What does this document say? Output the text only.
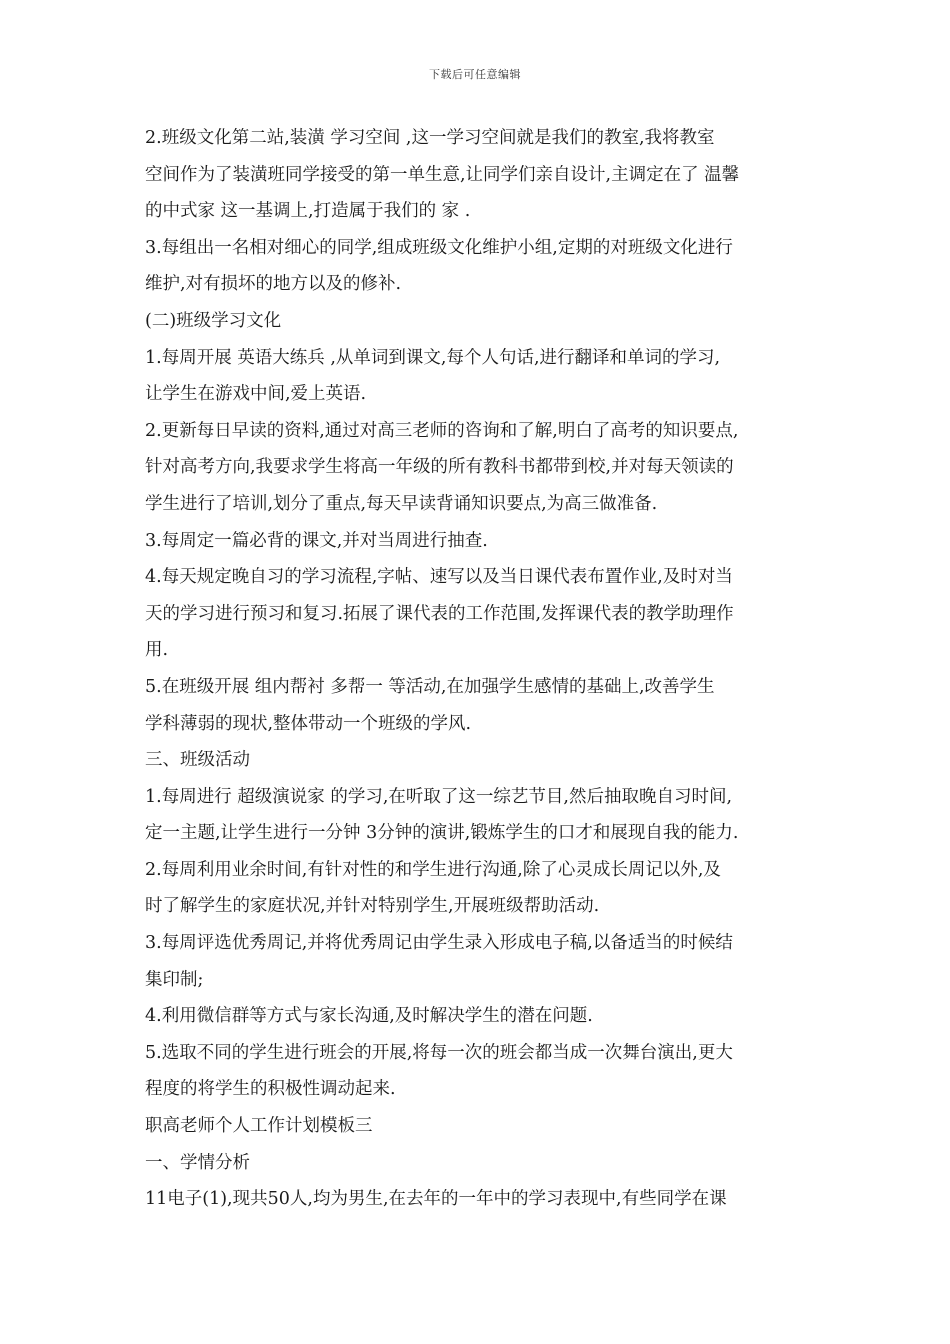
下载后可任意编辑
2.班级文化第二站,装潢 学习空间 ,这一学习空间就是我们的教室,我将教室
空间作为了装潢班同学接受的第一单生意,让同学们亲自设计,主调定在了 温馨
的中式家 这一基调上,打造属于我们的 家 .
3.每组出一名相对细心的同学,组成班级文化维护小组,定期的对班级文化进行
维护,对有损坏的地方以及的修补.
(二)班级学习文化
1.每周开展 英语大练兵 ,从单词到课文,每个人句话,进行翻译和单词的学习,
让学生在游戏中间,爱上英语.
2.更新每日早读的资料,通过对高三老师的咨询和了解,明白了高考的知识要点,
针对高考方向,我要求学生将高一年级的所有教科书都带到校,并对每天领读的
学生进行了培训,划分了重点,每天早读背诵知识要点,为高三做准备.
3.每周定一篇必背的课文,并对当周进行抽查.
4.每天规定晚自习的学习流程,字帖、速写以及当日课代表布置作业,及时对当
天的学习进行预习和复习.拓展了课代表的工作范围,发挥课代表的教学助理作
用.
5.在班级开展 组内帮衬 多帮一 等活动,在加强学生感情的基础上,改善学生
学科薄弱的现状,整体带动一个班级的学风.
三、班级活动
1.每周进行 超级演说家 的学习,在听取了这一综艺节目,然后抽取晚自习时间,
定一主题,让学生进行一分钟 3分钟的演讲,锻炼学生的口才和展现自我的能力.
2.每周利用业余时间,有针对性的和学生进行沟通,除了心灵成长周记以外,及
时了解学生的家庭状况,并针对特别学生,开展班级帮助活动.
3.每周评选优秀周记,并将优秀周记由学生录入形成电子稿,以备适当的时候结
集印制;
4.利用微信群等方式与家长沟通,及时解决学生的潜在问题.
5.选取不同的学生进行班会的开展,将每一次的班会都当成一次舞台演出,更大
程度的将学生的积极性调动起来.
职高老师个人工作计划模板三
一、学情分析
11电子(1),现共50人,均为男生,在去年的一年中的学习表现中,有些同学在课
